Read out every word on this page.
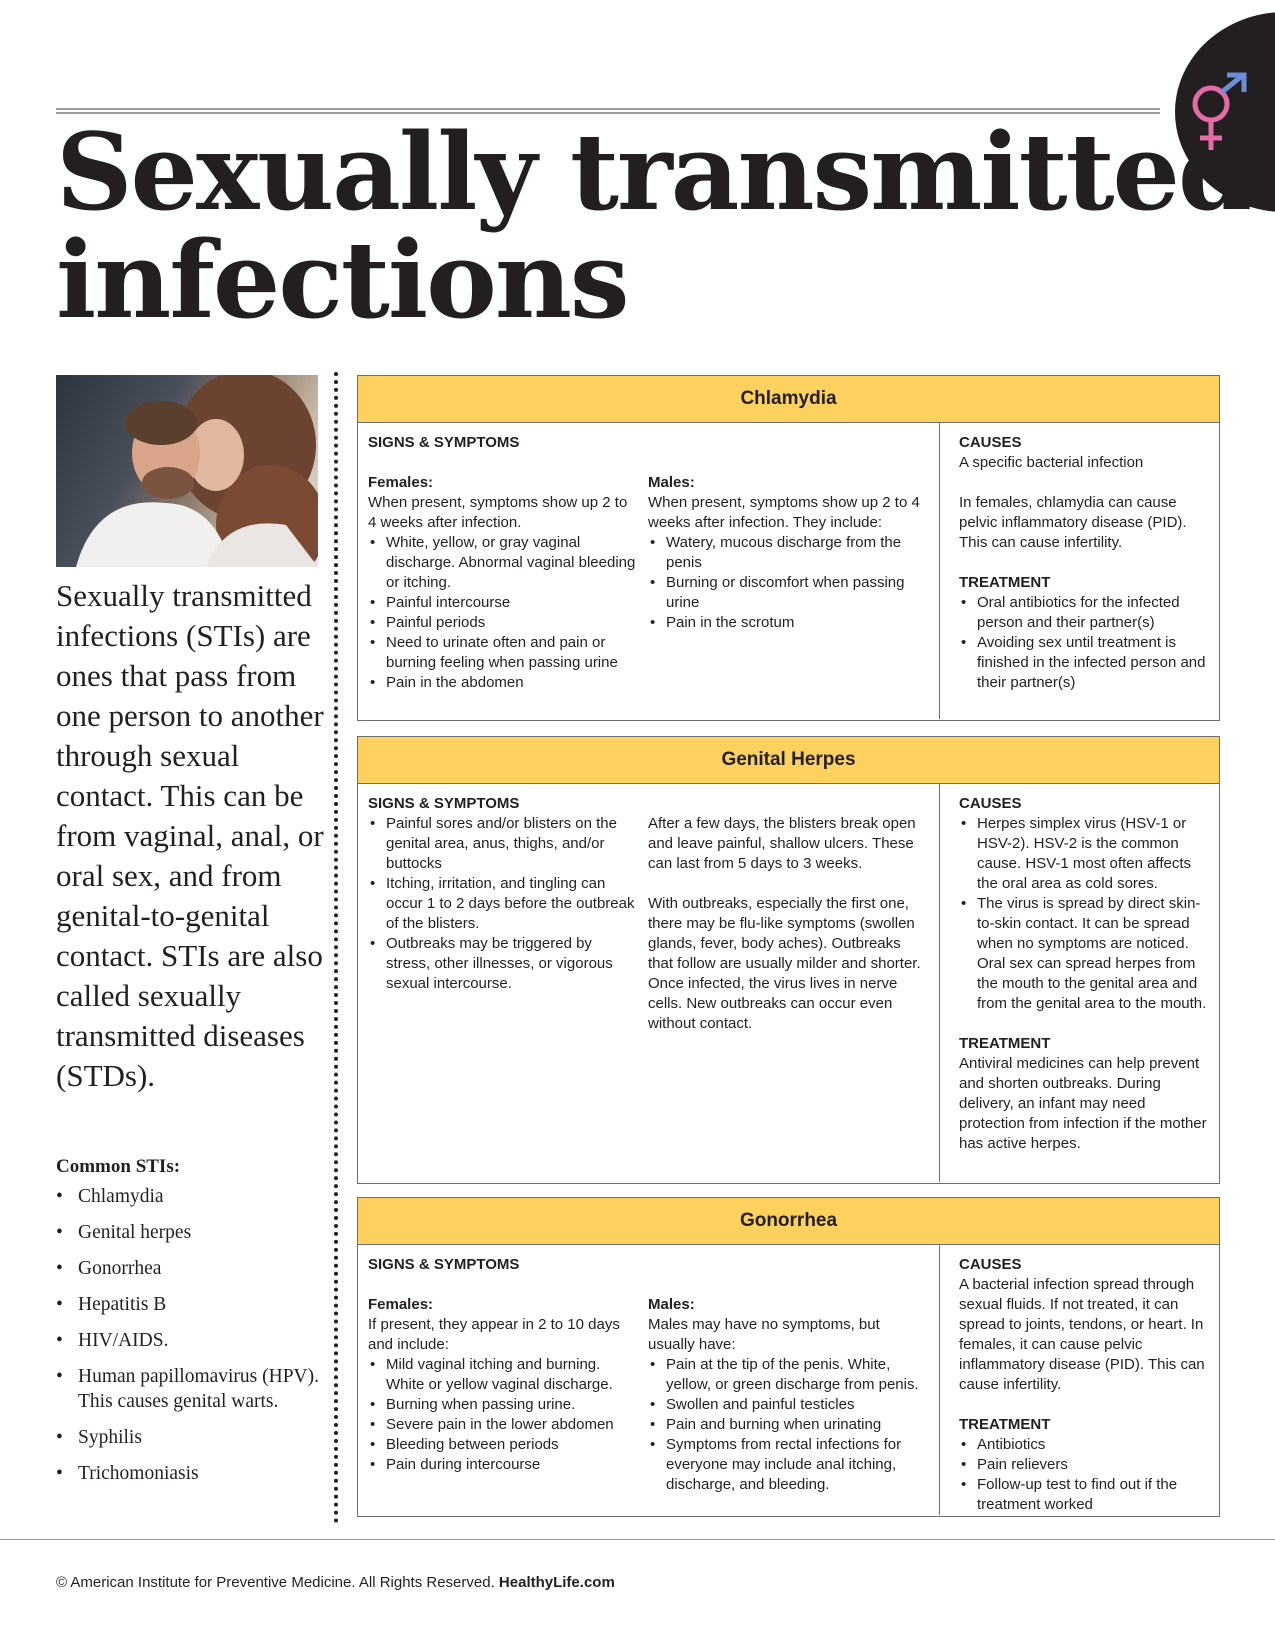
Sexually transmitted
infections

Sexually transmitted infections (STIs) are ones that pass from one person to another through sexual contact. This can be from vaginal, anal, or oral sex, and from genital-to-genital contact. STIs are also called sexually transmitted diseases (STDs).

Common STIs:
• Chlamydia
• Genital herpes
• Gonorrhea
• Hepatitis B
• HIV/AIDS.
• Human papillomavirus (HPV). This causes genital warts.
• Syphilis
• Trichomoniasis
Chlamydia
SIGNS & SYMPTOMS
Females:
When present, symptoms show up 2 to 4 weeks after infection.
• White, yellow, or gray vaginal discharge. Abnormal vaginal bleeding or itching.
• Painful intercourse
• Painful periods
• Need to urinate often and pain or burning feeling when passing urine
• Pain in the abdomen
Males:
When present, symptoms show up 2 to 4 weeks after infection. They include:
• Watery, mucous discharge from the penis
• Burning or discomfort when passing urine
• Pain in the scrotum
CAUSES
A specific bacterial infection
In females, chlamydia can cause pelvic inflammatory disease (PID). This can cause infertility.
TREATMENT
• Oral antibiotics for the infected person and their partner(s)
• Avoiding sex until treatment is finished in the infected person and their partner(s)
Genital Herpes
SIGNS & SYMPTOMS
• Painful sores and/or blisters on the genital area, anus, thighs, and/or buttocks
• Itching, irritation, and tingling can occur 1 to 2 days before the outbreak of the blisters.
• Outbreaks may be triggered by stress, other illnesses, or vigorous sexual intercourse.
After a few days, the blisters break open and leave painful, shallow ulcers. These can last from 5 days to 3 weeks.
With outbreaks, especially the first one, there may be flu-like symptoms (swollen glands, fever, body aches). Outbreaks that follow are usually milder and shorter. Once infected, the virus lives in nerve cells. New outbreaks can occur even without contact.
CAUSES
• Herpes simplex virus (HSV-1 or HSV-2). HSV-2 is the common cause. HSV-1 most often affects the oral area as cold sores.
• The virus is spread by direct skin-to-skin contact. It can be spread when no symptoms are noticed. Oral sex can spread herpes from the mouth to the genital area and from the genital area to the mouth.
TREATMENT
Antiviral medicines can help prevent and shorten outbreaks. During delivery, an infant may need protection from infection if the mother has active herpes.
Gonorrhea
SIGNS & SYMPTOMS
Females:
If present, they appear in 2 to 10 days and include:
• Mild vaginal itching and burning. White or yellow vaginal discharge.
• Burning when passing urine.
• Severe pain in the lower abdomen
• Bleeding between periods
• Pain during intercourse
Males:
Males may have no symptoms, but usually have:
• Pain at the tip of the penis. White, yellow, or green discharge from penis.
• Swollen and painful testicles
• Pain and burning when urinating
• Symptoms from rectal infections for everyone may include anal itching, discharge, and bleeding.
CAUSES
A bacterial infection spread through sexual fluids. If not treated, it can spread to joints, tendons, or heart. In females, it can cause pelvic inflammatory disease (PID). This can cause infertility.
TREATMENT
• Antibiotics
• Pain relievers
• Follow-up test to find out if the treatment worked
© American Institute for Preventive Medicine. All Rights Reserved. HealthyLife.com
